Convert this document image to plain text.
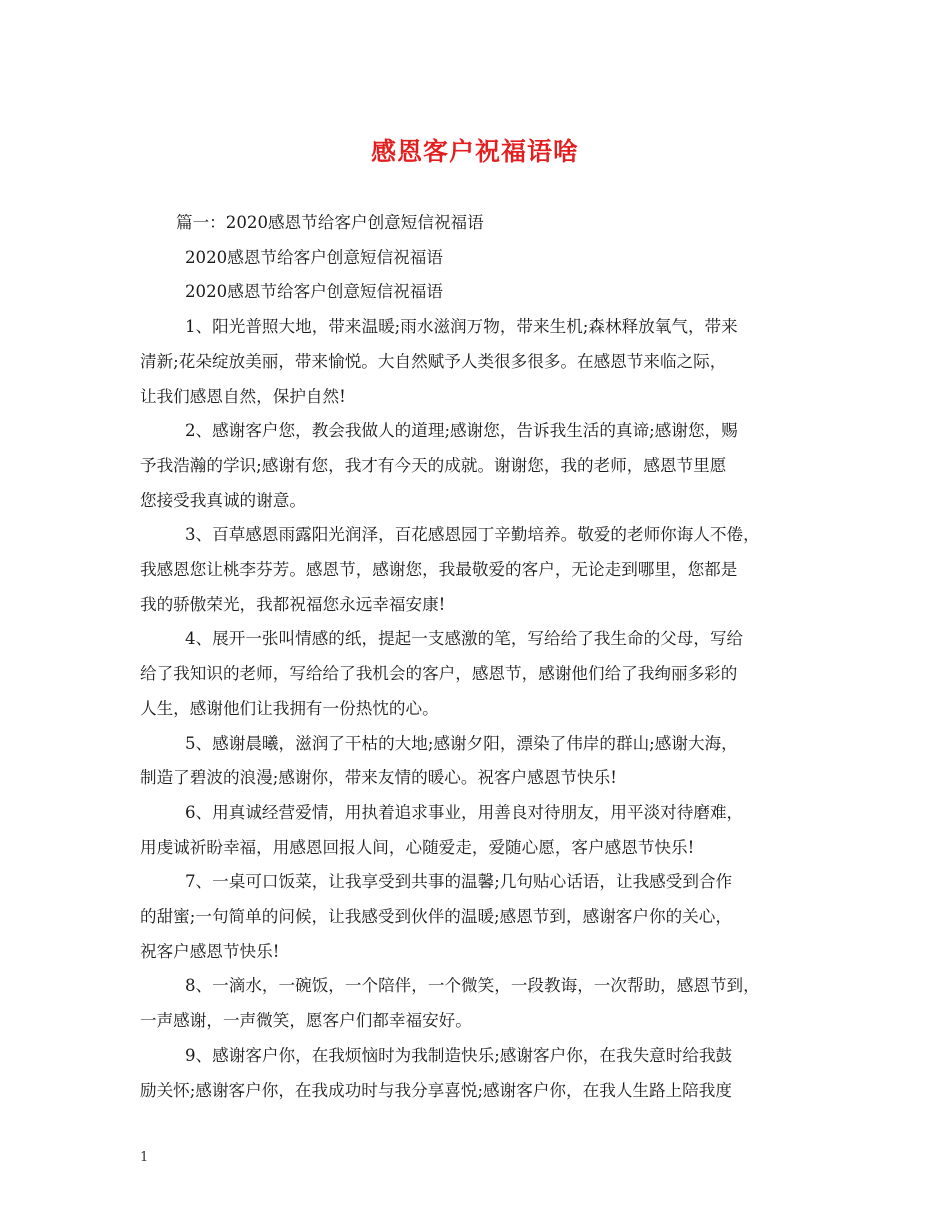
感恩客户祝福语啥

篇一：2020感恩节给客户创意短信祝福语

2020感恩节给客户创意短信祝福语

2020感恩节给客户创意短信祝福语

1、阳光普照大地，带来温暖;雨水滋润万物，带来生机;森林释放氧气，带来

清新;花朵绽放美丽，带来愉悦。大自然赋予人类很多很多。在感恩节来临之际，

让我们感恩自然，保护自然!

2、感谢客户您，教会我做人的道理;感谢您，告诉我生活的真谛;感谢您，赐

予我浩瀚的学识;感谢有您，我才有今天的成就。谢谢您，我的老师，感恩节里愿

您接受我真诚的谢意。

3、百草感恩雨露阳光润泽，百花感恩园丁辛勤培养。敬爱的老师你诲人不倦，

我感恩您让桃李芬芳。感恩节，感谢您，我最敬爱的客户，无论走到哪里，您都是

我的骄傲荣光，我都祝福您永远幸福安康!

4、展开一张叫情感的纸，提起一支感激的笔，写给给了我生命的父母，写给

给了我知识的老师，写给给了我机会的客户，感恩节，感谢他们给了我绚丽多彩的

人生，感谢他们让我拥有一份热忱的心。

5、感谢晨曦，滋润了干枯的大地;感谢夕阳，漂染了伟岸的群山;感谢大海，

制造了碧波的浪漫;感谢你，带来友情的暖心。祝客户感恩节快乐!

6、用真诚经营爱情，用执着追求事业，用善良对待朋友，用平淡对待磨难，

用虔诚祈盼幸福，用感恩回报人间，心随爱走，爱随心愿，客户感恩节快乐!

7、一桌可口饭菜，让我享受到共事的温馨;几句贴心话语，让我感受到合作

的甜蜜;一句简单的问候，让我感受到伙伴的温暖;感恩节到，感谢客户你的关心，

祝客户感恩节快乐!

8、一滴水，一碗饭，一个陪伴，一个微笑，一段教诲，一次帮助，感恩节到，

一声感谢，一声微笑，愿客户们都幸福安好。

9、感谢客户你，在我烦恼时为我制造快乐;感谢客户你，在我失意时给我鼓

励关怀;感谢客户你，在我成功时与我分享喜悦;感谢客户你，在我人生路上陪我度

1
